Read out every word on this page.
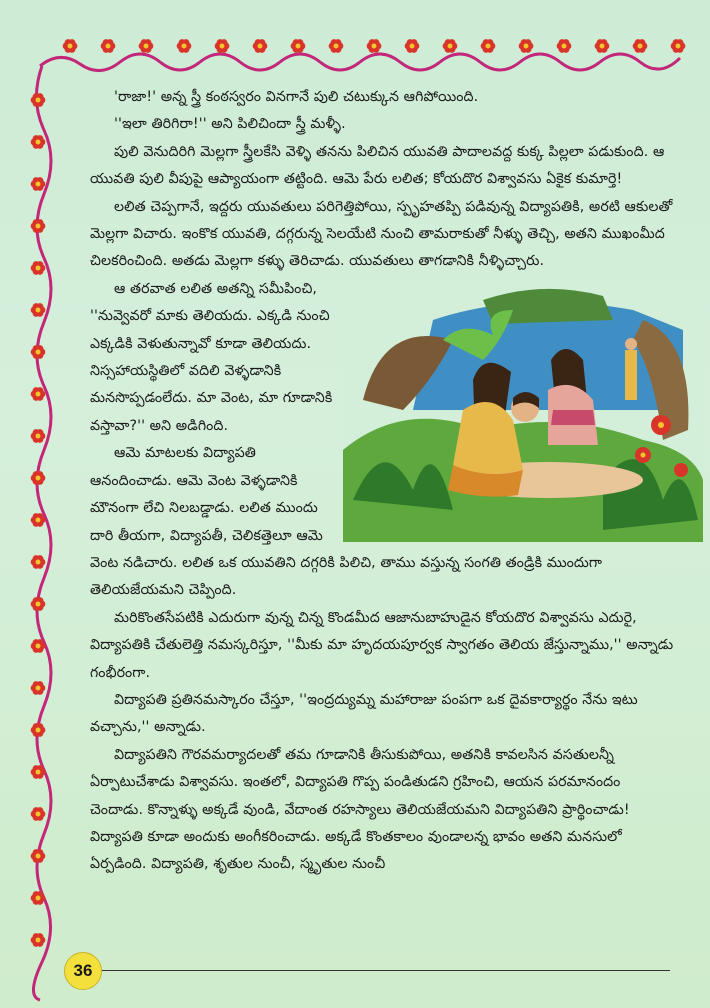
'రాజా!' అన్న స్త్రీ కంఠస్వరం వినగానే పులి చటుక్కున ఆగిపోయింది.

''ఇలా తిరిగిరా!'' అని పిలిచిందా స్త్రీ మళ్ళీ.

పులి వెనుదిరిగి మెల్లగా స్త్రీలకేసి వెళ్ళి తనను పిలిచిన యువతి పాదాలవద్ద కుక్క పిల్లలా పడుకుంది. ఆ యువతి పులి వీపుపై ఆప్యాయంగా తట్టింది. ఆమె పేరు లలిత; కోయదొర విశ్వావసు ఏకైక కుమార్తె!

లలిత చెప్పగానే, ఇద్దరు యువతులు పరిగెత్తిపోయి, స్పృహతప్పి పడివున్న విద్యాపతికి, అరటి ఆకులతో మెల్లగా విచారు. ఇంకొక యువతి, దగ్గరున్న సెలయేటి నుంచి తామరాకుతో నీళ్ళు తెచ్చి, అతని ముఖంమీద చిలకరించింది. అతడు మెల్లగా కళ్ళు తెరిచాడు. యువతులు తాగడానికి నీళ్ళిచ్చారు.

ఆ తరవాత లలిత అతన్ని సమీపించి, ''నువ్వెవరో మాకు తెలియదు. ఎక్కడి నుంచి ఎక్కడికి వెళుతున్నావో కూడా తెలియదు. నిస్సహాయస్థితిలో వదిలి వెళ్ళడానికి మనసొప్పడంలేదు. మా వెంట, మా గూడానికి వస్తావా?'' అని అడిగింది.

ఆమె మాటలకు విద్యాపతి ఆనందించాడు. ఆమె వెంట వెళ్ళడానికి మౌనంగా లేచి నిలబడ్డాడు. లలిత ముందు దారి తీయగా, విద్యాపతీ, చెలికత్తెలూ ఆమె వెంట నడిచారు. లలిత ఒక యువతిని దగ్గరికి పిలిచి, తాము వస్తున్న సంగతి తండ్రికి ముందుగా తెలియజేయమని చెప్పింది.

మరికొంతసేపటికి ఎదురుగా వున్న చిన్న కొండమీద ఆజానుబాహుడైన కోయదొర విశ్వావసు ఎదురై, విద్యాపతికి చేతులెత్తి నమస్కరిస్తూ, ''మీకు మా హృదయపూర్వక స్వాగతం తెలియ జేస్తున్నాము,'' అన్నాడు గంభీరంగా.

విద్యాపతి ప్రతినమస్కారం చేస్తూ, ''ఇంద్రద్యుమ్న మహారాజు పంపగా ఒక దైవకార్యార్థం నేను ఇటు వచ్చాను,'' అన్నాడు.

విద్యాపతిని గౌరవమర్యాదలతో తమ గూడానికి తీసుకుపోయి, అతనికి కావలసిన వసతులన్నీ ఏర్పాటుచేశాడు విశ్వావసు. ఇంతలో, విద్యాపతి గొప్ప పండితుడని గ్రహించి, ఆయన పరమానందం చెందాడు. కొన్నాళ్ళు అక్కడే వుండి, వేదాంత రహస్యాలు తెలియజేయమని విద్యాపతిని ప్రార్థించాడు! విద్యాపతి కూడా అందుకు అంగీకరించాడు. అక్కడే కొంతకాలం వుండాలన్న భావం అతని మనసులో ఏర్పడింది. విద్యాపతి, శృతుల నుంచీ, స్మృతుల నుంచీ

36
